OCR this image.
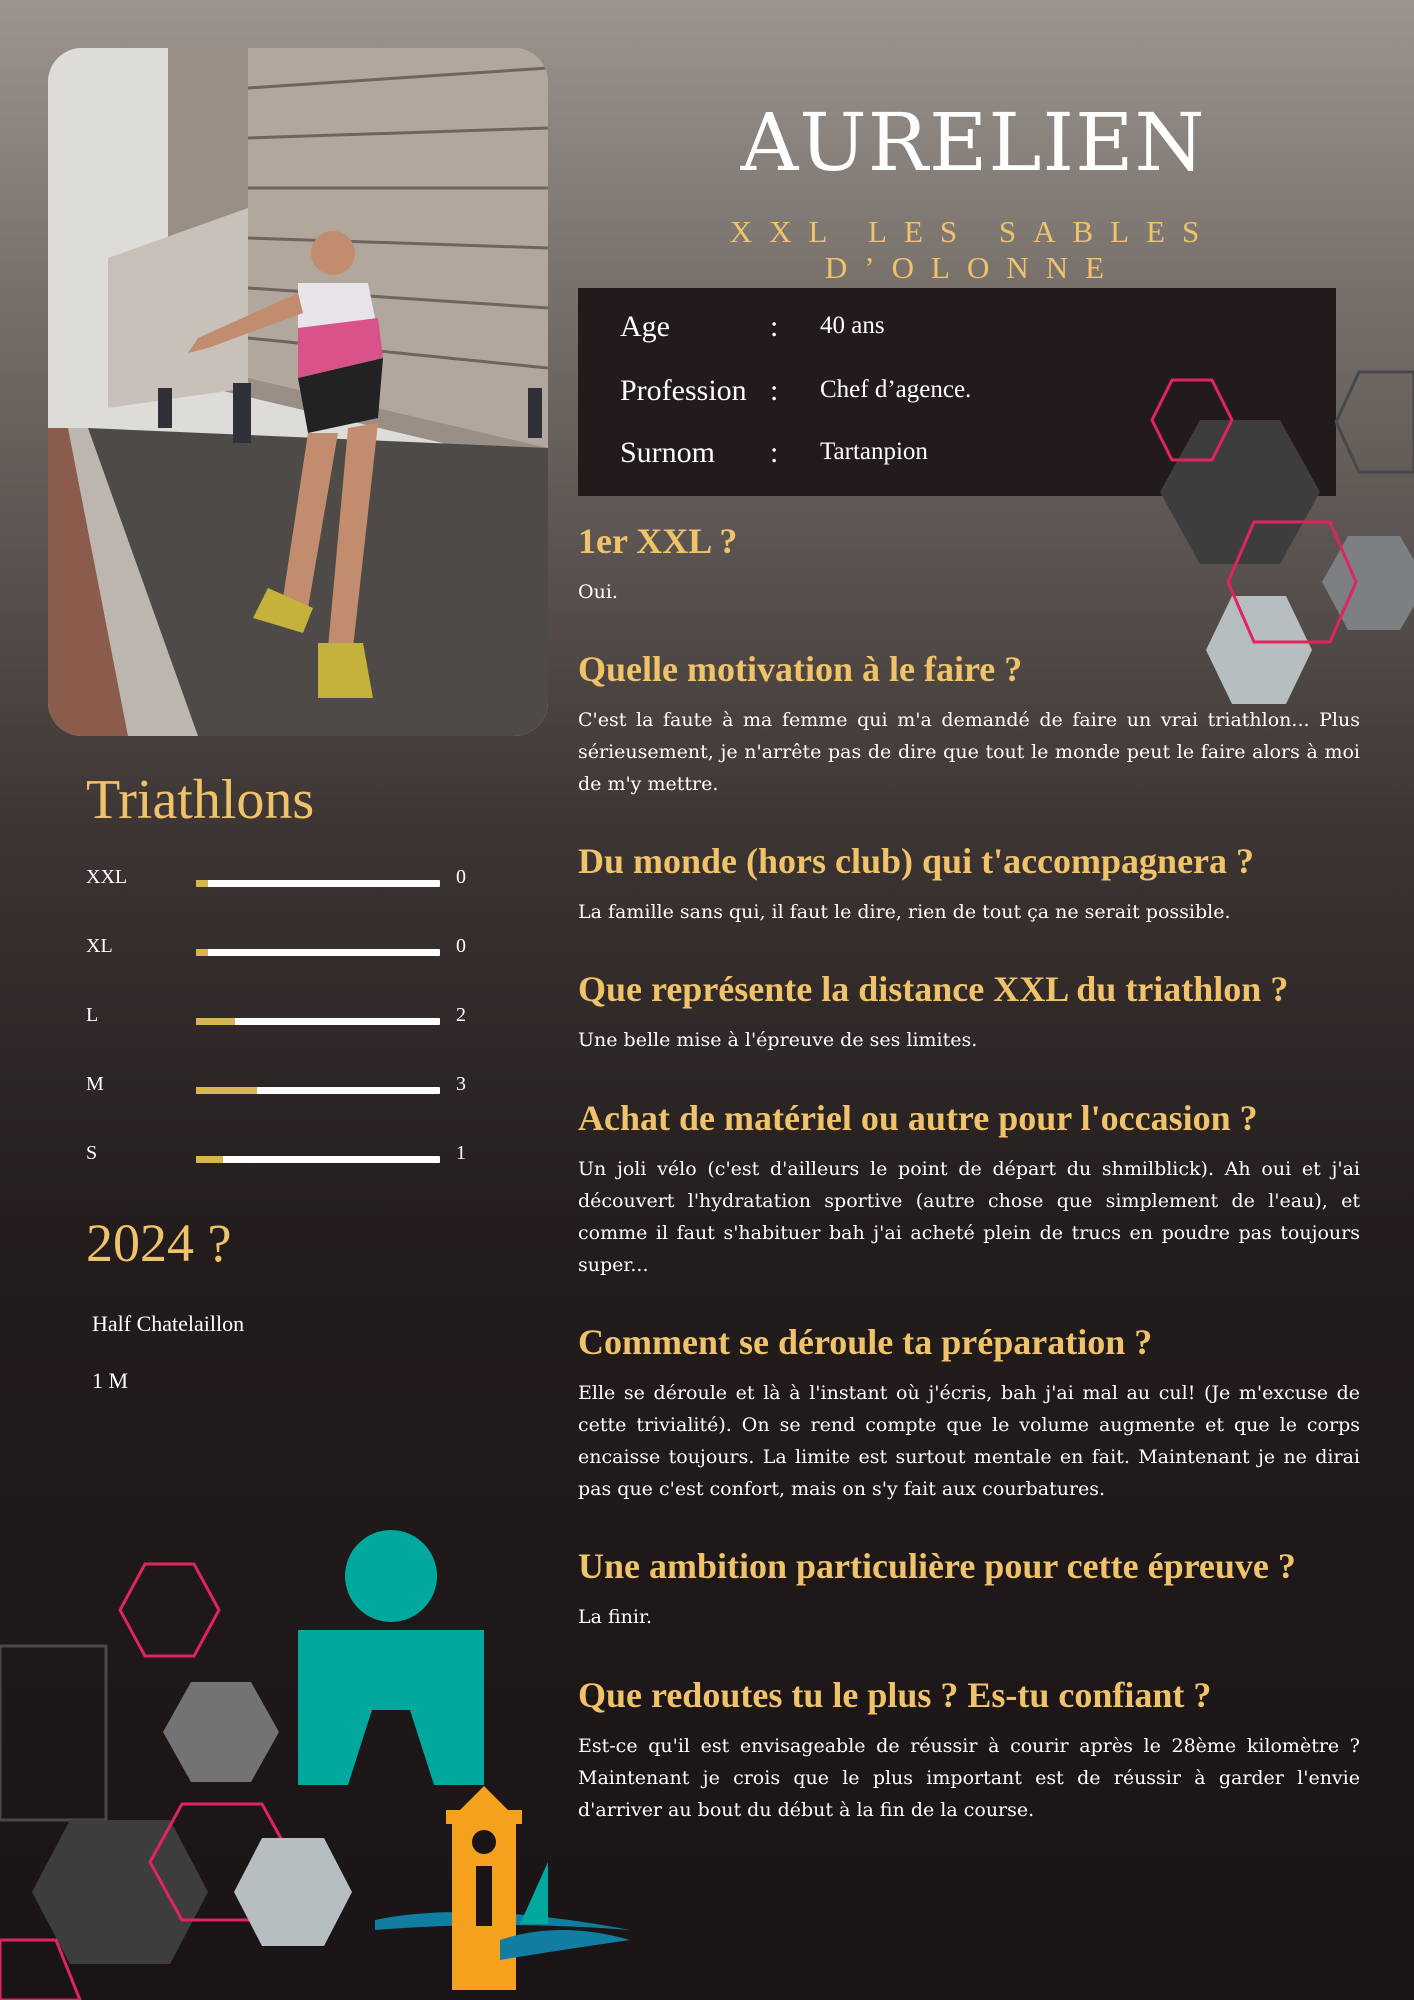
AURELIEN

XXL LES SABLES D’OLONNE

Age	: 40 ans
Profession : Chef d’agence.
Surnom	: Tartanpion
1er XXL ?

Oui.

Quelle motivation à le faire ?

C'est la faute à ma femme qui m'a demandé de faire un vrai triathlon... Plus sérieusement, je n'arrête pas de dire que tout le monde peut le faire alors à moi de m'y mettre.

Du monde (hors club) qui t'accompagnera ?

La famille sans qui, il faut le dire, rien de tout ça ne serait possible.

Que représente la distance XXL du triathlon ?

Une belle mise à l'épreuve de ses limites.

Achat de matériel ou autre pour l'occasion ?

Un joli vélo (c'est d'ailleurs le point de départ du shmilblick). Ah oui et j'ai découvert l'hydratation sportive (autre chose que simplement de l'eau), et comme il faut s'habituer bah j'ai acheté plein de trucs en poudre pas toujours super...

Comment se déroule ta préparation ?

Elle se déroule et là à l'instant où j'écris, bah j'ai mal au cul! (Je m'excuse de cette trivialité). On se rend compte que le volume augmente et que le corps encaisse toujours. La limite est surtout mentale en fait. Maintenant je ne dirai pas que c'est confort, mais on s'y fait aux courbatures.

Une ambition particulière pour cette épreuve ?

La finir.

Que redoutes tu le plus ? Es-tu confiant ?

Est-ce qu'il est envisageable de réussir à courir après le 28ème kilomètre ? Maintenant je crois que le plus important est de réussir à garder l'envie d'arriver au bout du début à la fin de la course.

Triathlons
XXL	0
XL	0
L	2
M	3
S	1
2024 ?
Half Chatelaillon
1 M
